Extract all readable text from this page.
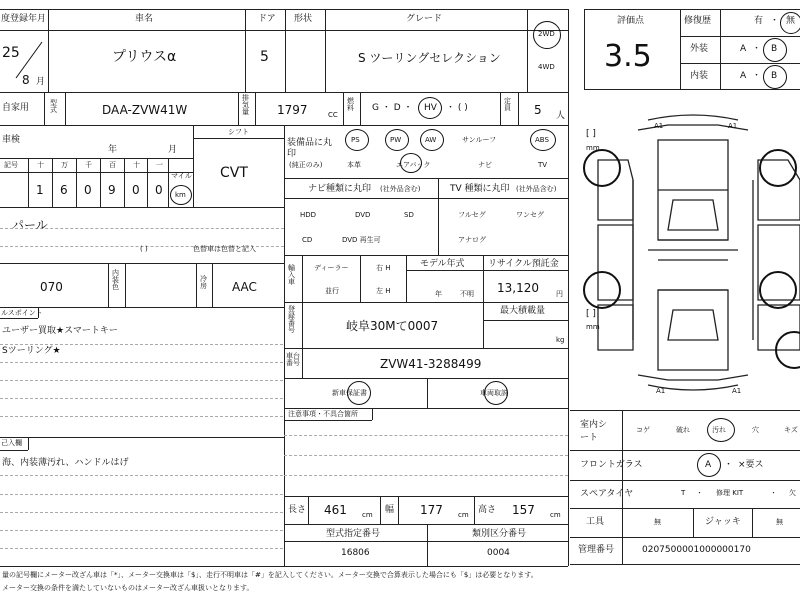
度登録年月
25
8 月
車名
プリウスα
ドア
5
形状	グレード
S ツーリングセレクション
2WD
4WD
評価点
3.5
修復歴	有 ・ 無
外装	A ・ B
内装	A ・ B
自家用	型式	DAA-ZVW41W
排気量 1797	CC
燃料	G ・ D ・ HV ・ ( )
定員 5 人
車検
年	月
シフト
CVT
記号	十 万 千 百 十 一
1 6 0 9 0 0
マイル
km
装備品に丸印
(純正のみ)
PS	PW	AW	サンルーフ	ABS
本革	エアバック	ナビ	TV
ナビ種類に丸印 (社外品含む)
HDD	DVD	SD
CD	DVD 再生可
TV 種類に丸印 (社外品含む)
フルセグ	ワンセグ
アナログ
パール
( )	色替車は色替と記入
070
内装色
冷房 AAC
輸入車
ディーラー
並行
右 H
左 H
モデル年式
年	不明
リサイクル預託金
13,120 円
登録番号	岐阜30Mて0007
最大積載量
kg
車台番号	ZVW41-3288499
新車保証書	車両取説
注意事項・不具合箇所
ルスポイント
ユーザー買取★スマートキー
Sツーリング★
己入欄
海、内装薄汚れ、ハンドルはげ
長さ 461 cm 幅 177 cm 高さ 157 cm
型式指定番号
16806
類別区分番号
0004
室内シート
コゲ	破れ	汚れ	穴	キズ
フロントガラス	A ・ ×要ス
スペアタイヤ	T ・ 修理 KIT	・ 欠
工具	無	ジャッキ	無
管理番号	0207500001000000170
量の記号欄にメーター改ざん車は「*」、メーター交換車は「$」、走行不明車は「#」を記入してください。メーター交換で合算表示した場合にも「$」は必要となります。
メーター交換の条件を満たしていないものはメーター改ざん車扱いとなります。
[ ]
mm
[ ]
mm
A1	A1
A1	A1
